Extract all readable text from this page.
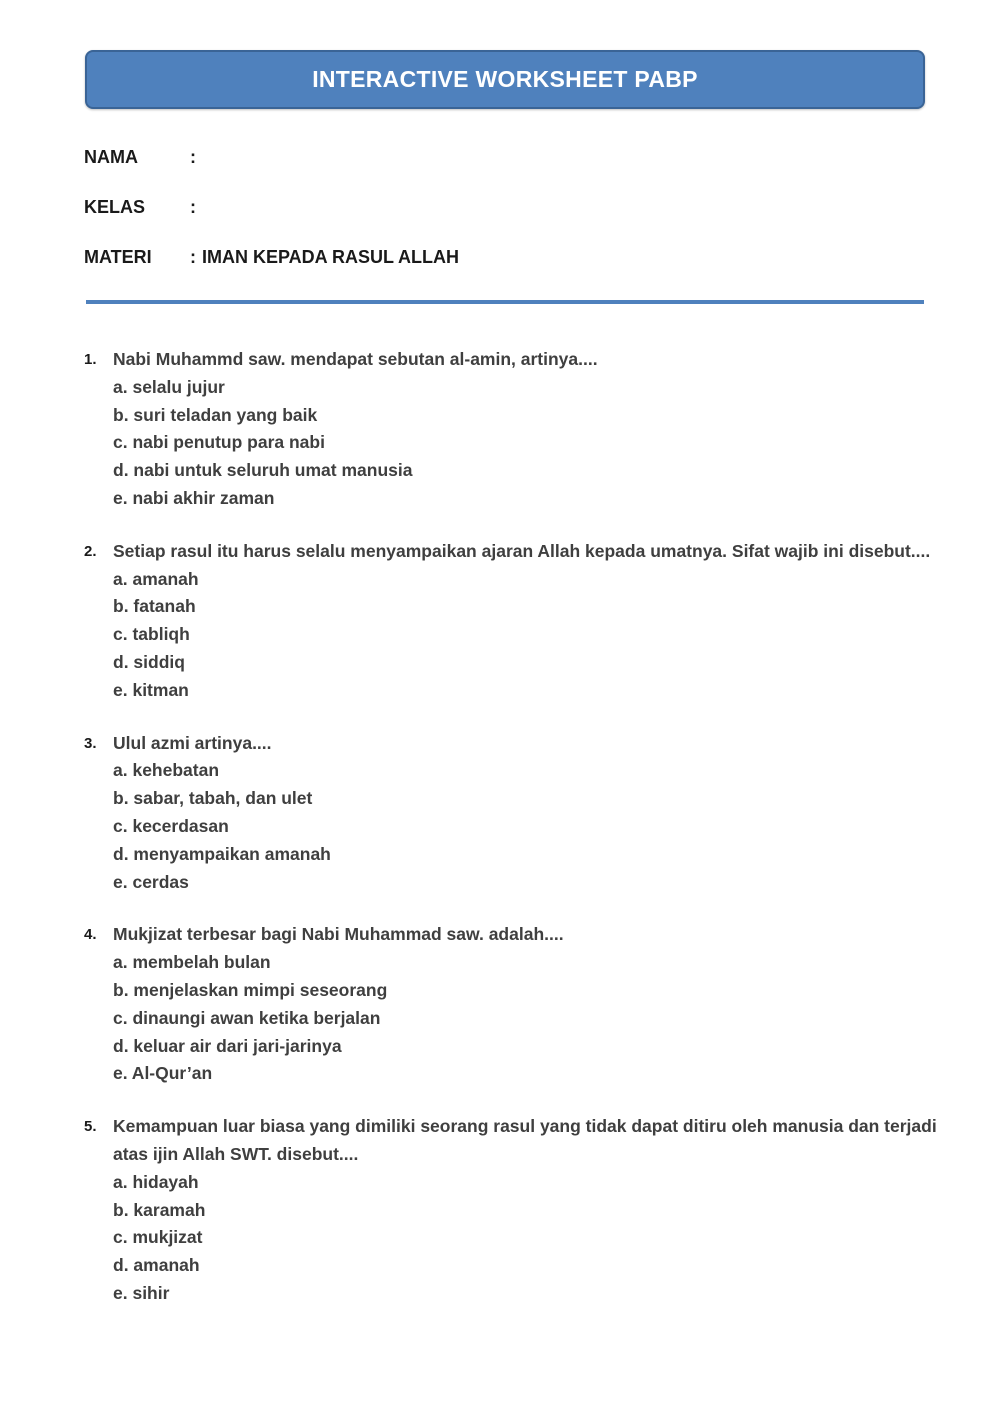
INTERACTIVE WORKSHEET PABP
NAMA	:
KELAS :
MATERI : IMAN KEPADA RASUL ALLAH
1. Nabi Muhammd saw. mendapat sebutan al-amin, artinya....
a. selalu jujur
b. suri teladan yang baik
c. nabi penutup para nabi
d. nabi untuk seluruh umat manusia
e. nabi akhir zaman
2. Setiap rasul itu harus selalu menyampaikan ajaran Allah kepada umatnya. Sifat wajib ini disebut....
a. amanah
b. fatanah
c. tabliqh
d. siddiq
e. kitman
3. Ulul azmi artinya....
a. kehebatan
b. sabar, tabah, dan ulet
c. kecerdasan
d. menyampaikan amanah
e. cerdas
4. Mukjizat terbesar bagi Nabi Muhammad saw. adalah....
a. membelah bulan
b. menjelaskan mimpi seseorang
c. dinaungi awan ketika berjalan
d. keluar air dari jari-jarinya
e. Al-Qur’an
5. Kemampuan luar biasa yang dimiliki seorang rasul yang tidak dapat ditiru oleh manusia dan terjadi atas ijin Allah SWT. disebut....
a. hidayah
b. karamah
c. mukjizat
d. amanah
e. sihir
